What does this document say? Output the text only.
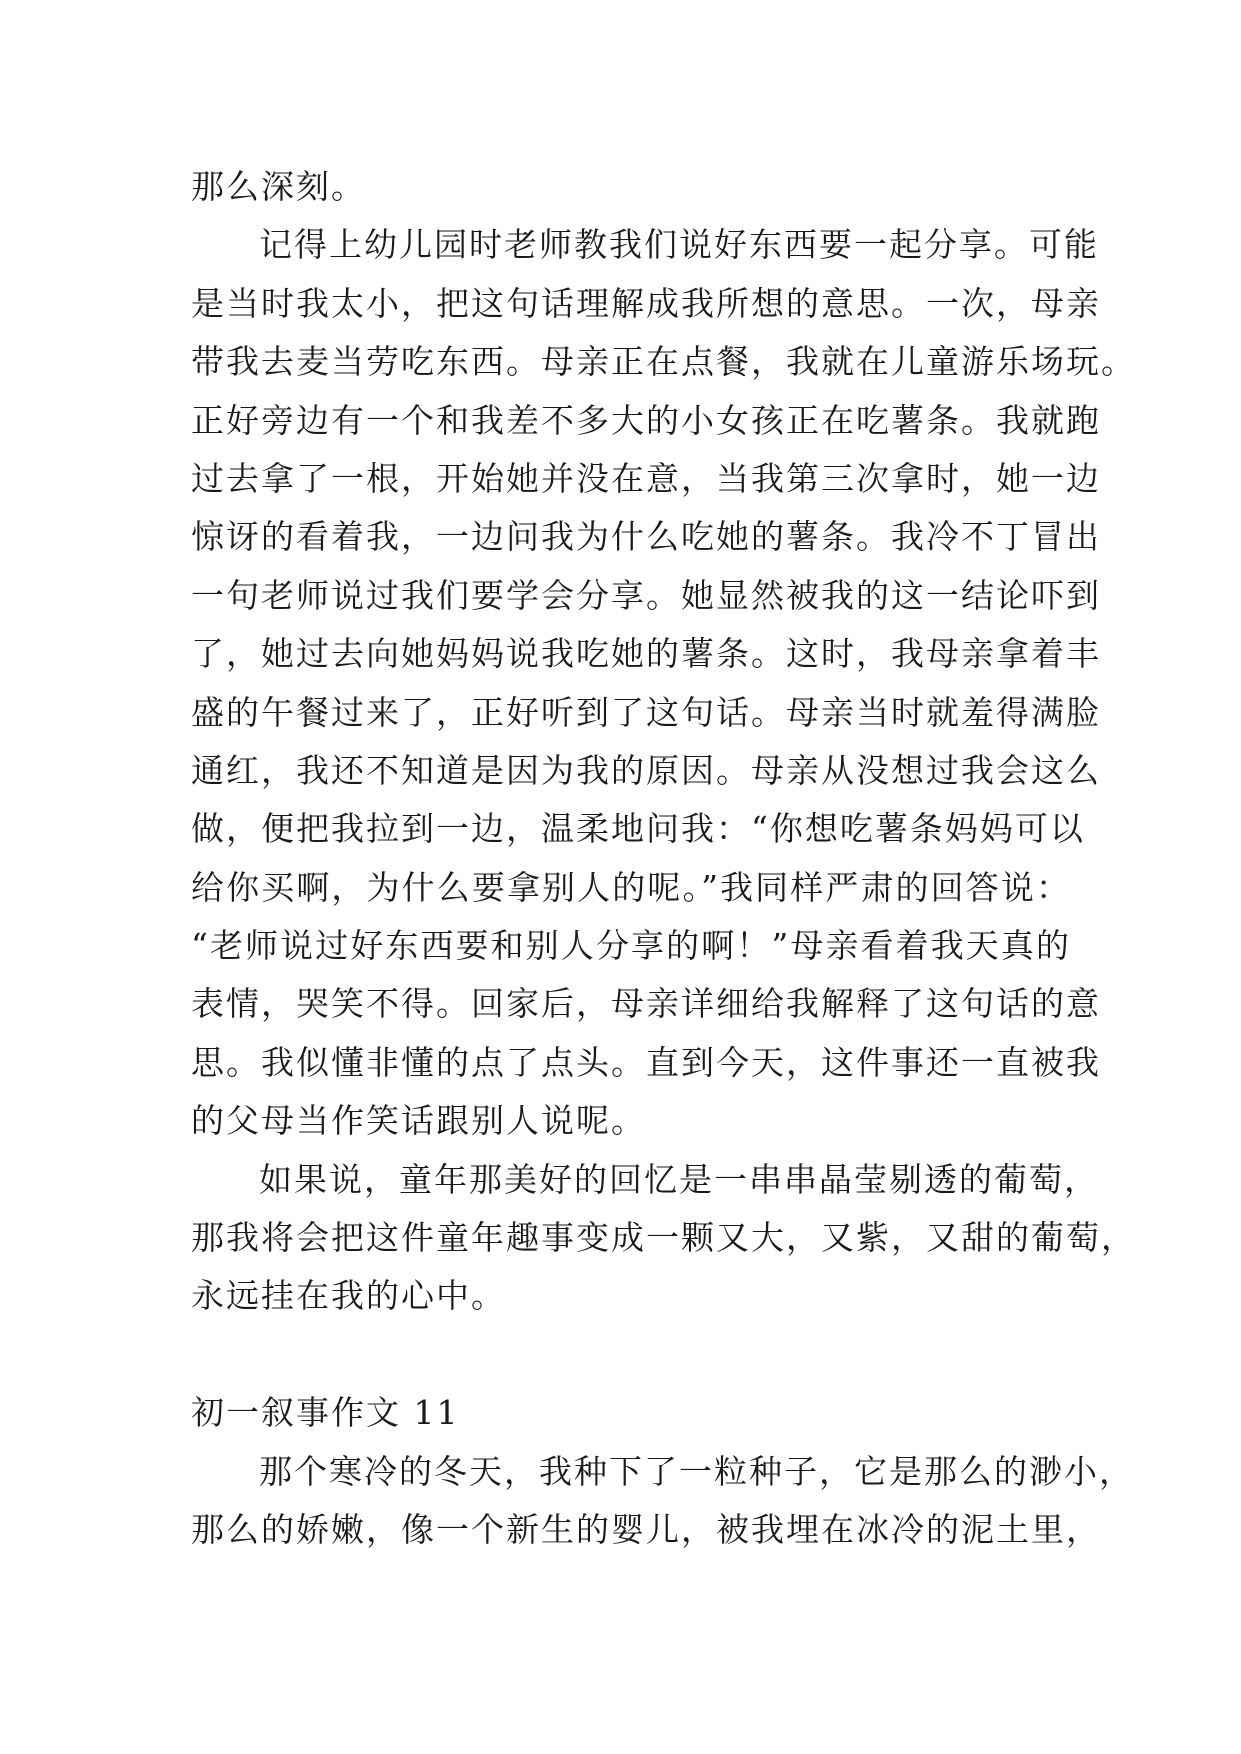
那么深刻。
记得上幼儿园时老师教我们说好东西要一起分享。可能
是当时我太小，把这句话理解成我所想的意思。一次，母亲
带我去麦当劳吃东西。母亲正在点餐，我就在儿童游乐场玩。
正好旁边有一个和我差不多大的小女孩正在吃薯条。我就跑
过去拿了一根，开始她并没在意，当我第三次拿时，她一边
惊讶的看着我，一边问我为什么吃她的薯条。我冷不丁冒出
一句老师说过我们要学会分享。她显然被我的这一结论吓到
了，她过去向她妈妈说我吃她的薯条。这时，我母亲拿着丰
盛的午餐过来了，正好听到了这句话。母亲当时就羞得满脸
通红，我还不知道是因为我的原因。母亲从没想过我会这么
做，便把我拉到一边，温柔地问我：“你想吃薯条妈妈可以
给你买啊，为什么要拿别人的呢。”我同样严肃的回答说：
“老师说过好东西要和别人分享的啊！”母亲看着我天真的
表情，哭笑不得。回家后，母亲详细给我解释了这句话的意
思。我似懂非懂的点了点头。直到今天，这件事还一直被我
的父母当作笑话跟别人说呢。
如果说，童年那美好的回忆是一串串晶莹剔透的葡萄，
那我将会把这件童年趣事变成一颗又大，又紫，又甜的葡萄，
永远挂在我的心中。
初一叙事作文 11
那个寒冷的冬天，我种下了一粒种子，它是那么的渺小，
那么的娇嫩，像一个新生的婴儿，被我埋在冰冷的泥土里，
